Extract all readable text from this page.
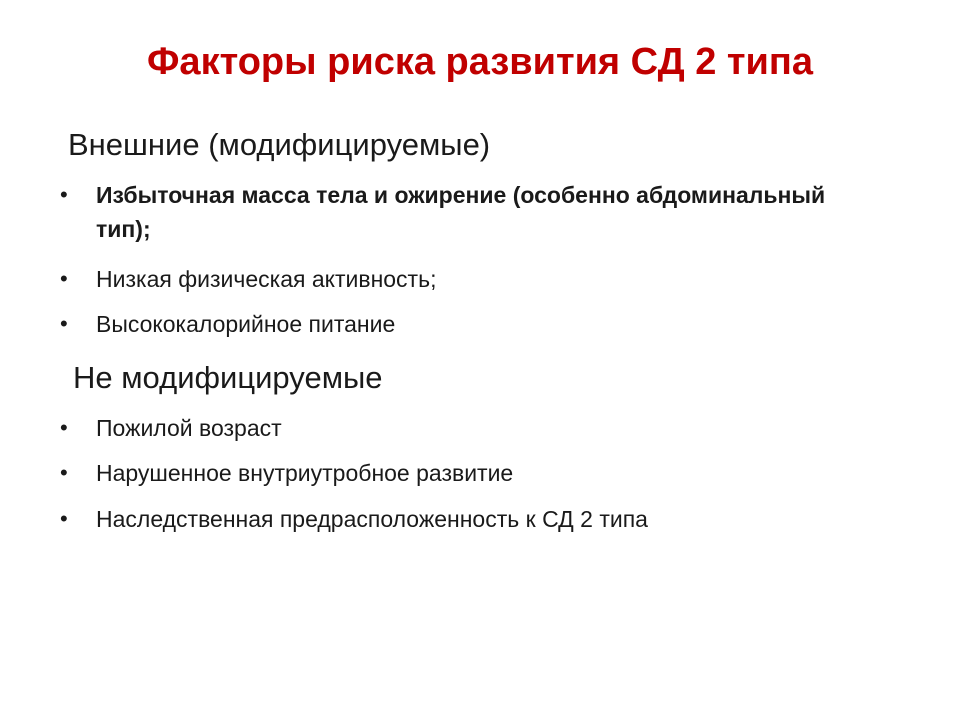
Факторы риска развития СД 2 типа
Внешние (модифицируемые)
•	Избыточная масса тела и ожирение (особенно абдоминальный тип);
•	Низкая физическая активность;
•	Высококалорийное питание
Не модифицируемые
•	Пожилой возраст
•	Нарушенное внутриутробное развитие
•	Наследственная предрасположенность к СД 2 типа
